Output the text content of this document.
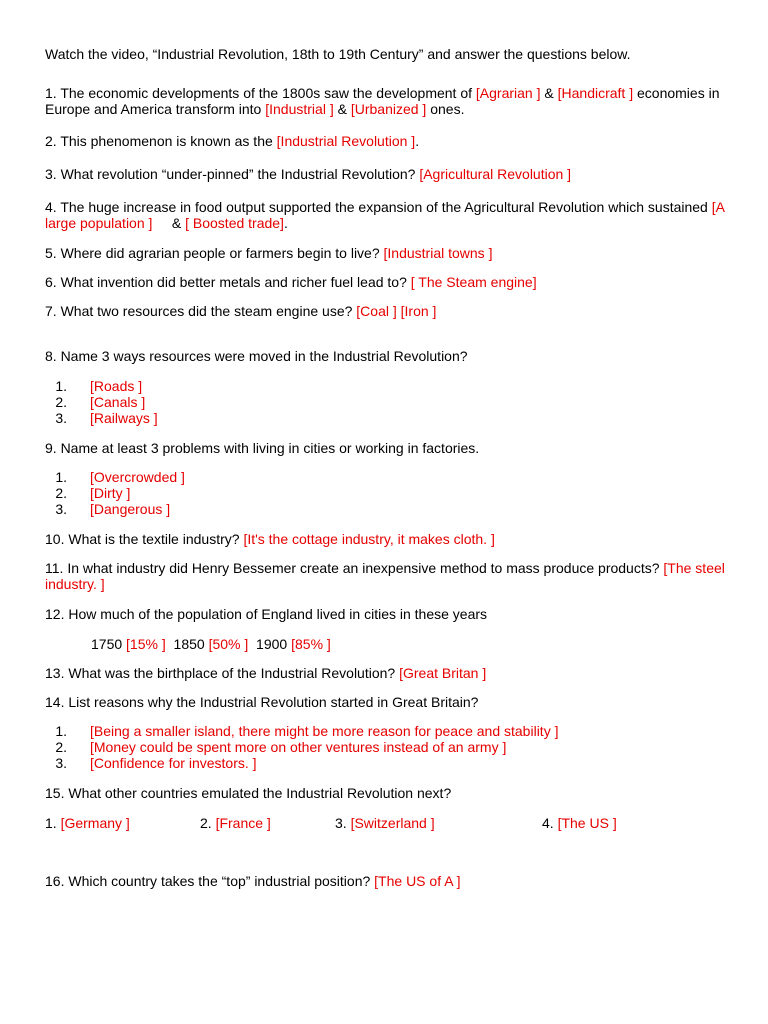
Watch the video, “Industrial Revolution, 18th to 19th Century” and answer the questions below.
1. The economic developments of the 1800s saw the development of [Agrarian ] & [Handicraft ] economies in
Europe and America transform into [Industrial ] & [Urbanized ] ones.
2. This phenomenon is known as the [Industrial Revolution ].
3. What revolution “under-pinned” the Industrial Revolution? [Agricultural Revolution ]
4. The huge increase in food output supported the expansion of the Agricultural Revolution which sustained [A
large population ]     & [ Boosted trade].
5. Where did agrarian people or farmers begin to live? [Industrial towns ]
6. What invention did better metals and richer fuel lead to? [ The Steam engine]
7. What two resources did the steam engine use? [Coal ] [Iron ]
8. Name 3 ways resources were moved in the Industrial Revolution?
1. [Roads ]
2. [Canals ]
3. [Railways ]
9. Name at least 3 problems with living in cities or working in factories.
1. [Overcrowded ]
2. [Dirty ]
3. [Dangerous ]
10. What is the textile industry? [It's the cottage industry, it makes cloth. ]
11. In what industry did Henry Bessemer create an inexpensive method to mass produce products? [The steel
industry. ]
12. How much of the population of England lived in cities in these years
1750 [15% ]  1850 [50% ]  1900 [85% ]
13. What was the birthplace of the Industrial Revolution? [Great Britan ]
14. List reasons why the Industrial Revolution started in Great Britain?
1. [Being a smaller island, there might be more reason for peace and stability ]
2. [Money could be spent more on other ventures instead of an army ]
3. [Confidence for investors. ]
15. What other countries emulated the Industrial Revolution next?
1. [Germany ]	2. [France ]	3. [Switzerland ]	4. [The US ]
16. Which country takes the “top” industrial position? [The US of A ]
